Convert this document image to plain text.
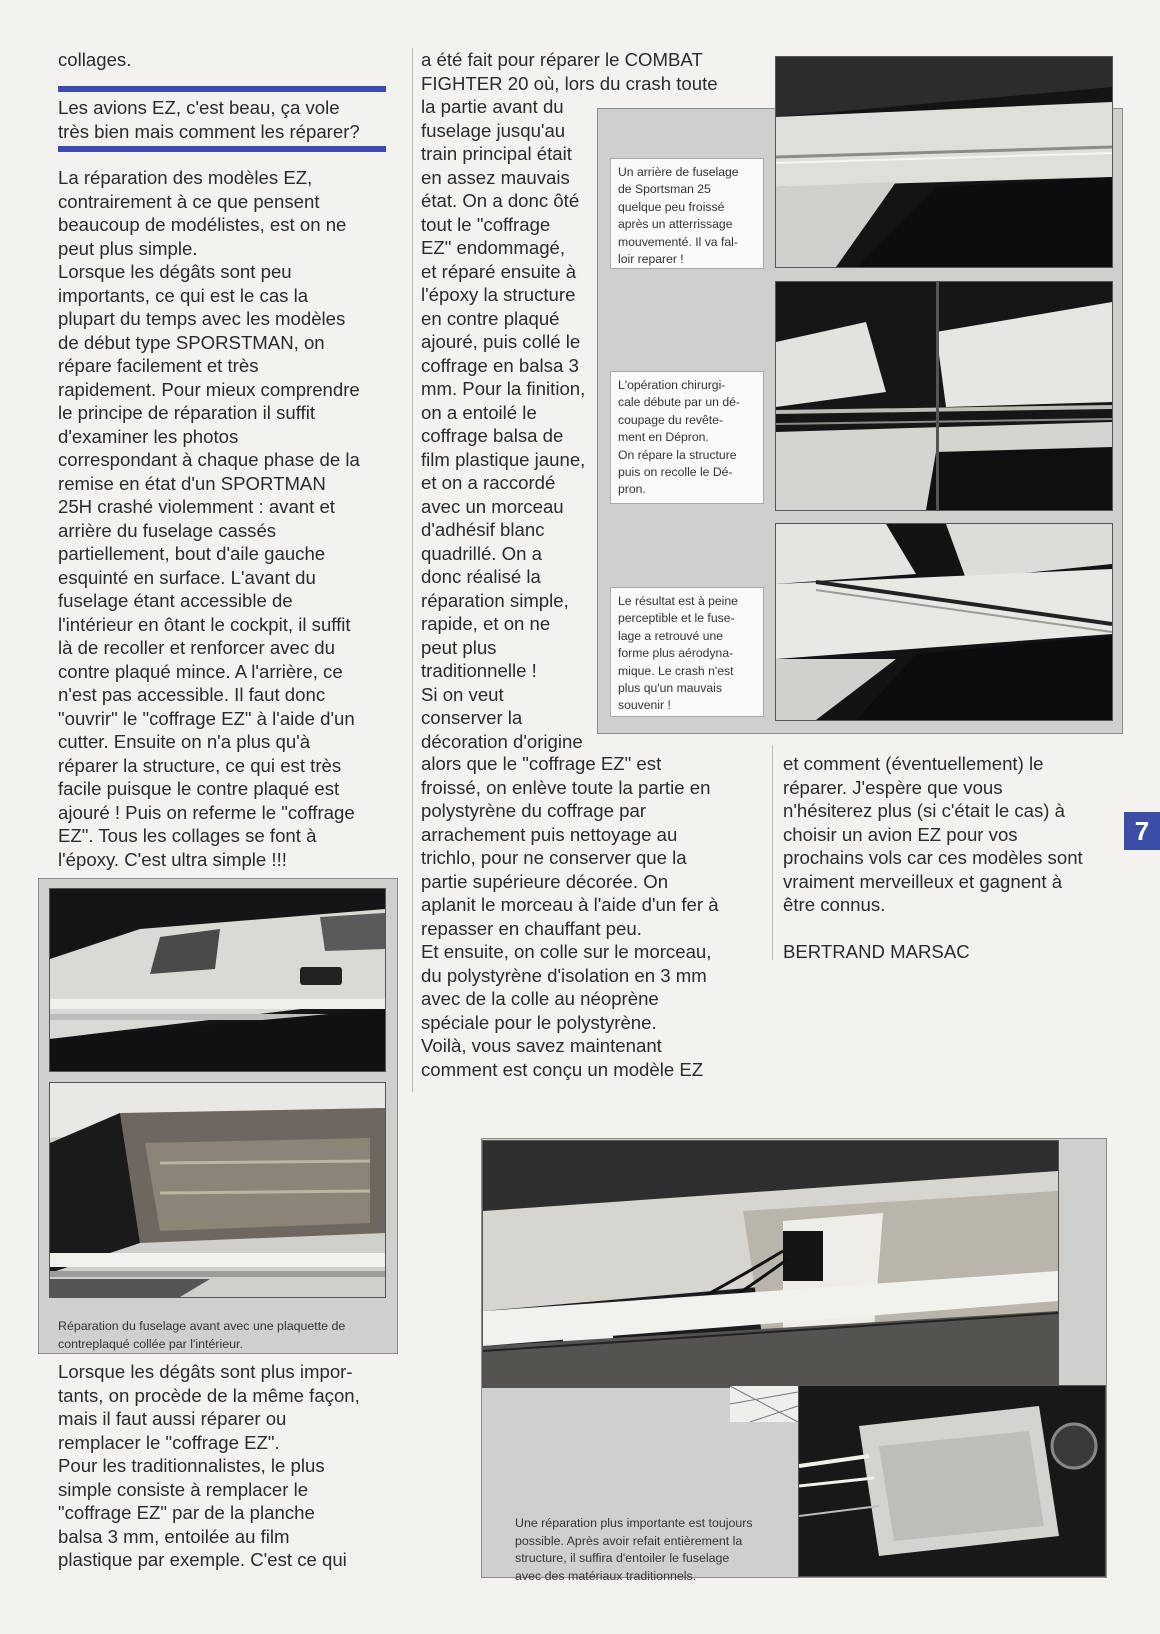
collages.

Les avions EZ, c'est beau, ça vole
très bien mais comment les réparer?

La réparation des modèles EZ,
contrairement à ce que pensent
beaucoup de modélistes, est on ne
peut plus simple.
Lorsque les dégâts sont peu
importants, ce qui est le cas la
plupart du temps avec les modèles
de début type SPORSTMAN, on
répare facilement et très
rapidement. Pour mieux comprendre
le principe de réparation il suffit
d'examiner les photos
correspondant à chaque phase de la
remise en état d'un SPORTMAN
25H crashé violemment : avant et
arrière du fuselage cassés
partiellement, bout d'aile gauche
esquinté en surface. L'avant du
fuselage étant accessible de
l'intérieur en ôtant le cockpit, il suffit
là de recoller et renforcer avec du
contre plaqué mince. A l'arrière, ce
n'est pas accessible. Il faut donc
"ouvrir" le "coffrage EZ" à l'aide d'un
cutter. Ensuite on n'a plus qu'à
réparer la structure, ce qui est très
facile puisque le contre plaqué est
ajouré ! Puis on referme le "coffrage
EZ". Tous les collages se font à
l'époxy. C'est ultra simple !!!

Réparation du fuselage avant avec une plaquette de
contreplaqué collée par l'intérieur.

Lorsque les dégâts sont plus impor-
tants, on procède de la même façon,
mais il faut aussi réparer ou
remplacer le "coffrage EZ".
Pour les traditionnalistes, le plus
simple consiste à remplacer le
"coffrage EZ" par de la planche
balsa 3 mm, entoilée au film
plastique par exemple. C'est ce qui

a été fait pour réparer le COMBAT
FIGHTER 20 où, lors du crash toute

la partie avant du
fuselage jusqu'au
train principal était
en assez mauvais
état. On a donc ôté
tout le "coffrage
EZ" endommagé,
et réparé ensuite à
l'époxy la structure
en contre plaqué
ajouré, puis collé le
coffrage en balsa 3
mm. Pour la finition,
on a entoilé le
coffrage balsa de
film plastique jaune,
et on a raccordé
avec un morceau
d'adhésif blanc
quadrillé. On a
donc réalisé la
réparation simple,
rapide, et on ne
peut plus
traditionnelle !
Si on veut
conserver la
décoration d'origine

alors que le "coffrage EZ" est
froissé, on enlève toute la partie en
polystyrène du coffrage par
arrachement puis nettoyage au
trichlo, pour ne conserver que la
partie supérieure décorée. On
aplanit le morceau à l'aide d'un fer à
repasser en chauffant peu.
Et ensuite, on colle sur le morceau,
du polystyrène d'isolation en 3 mm
avec de la colle au néoprène
spéciale pour le polystyrène.
Voilà, vous savez maintenant
comment est conçu un modèle EZ

Un arrière de fuselage
de Sportsman 25
quelque peu froissé
après un atterrissage
mouvementé. Il va fal-
loir reparer !
L'opération chirurgi-
cale débute par un dé-
coupage du revête-
ment en Dépron.
On répare la structure
puis on recolle le Dé-
pron.
Le résultat est à peine
perceptible et le fuse-
lage a retrouvé une
forme plus aérodyna-
mique. Le crash n'est
plus qu'un mauvais
souvenir !

et comment (éventuellement) le
réparer. J'espère que vous
n'hésiterez plus (si c'était le cas) à
choisir un avion EZ pour vos
prochains vols car ces modèles sont
vraiment merveilleux et gagnent à
être connus.

BERTRAND MARSAC

7

Une réparation plus importante est toujours
possible. Après avoir refait entièrement la
structure, il suffira d'entoiler le fuselage
avec des matériaux traditionnels.
